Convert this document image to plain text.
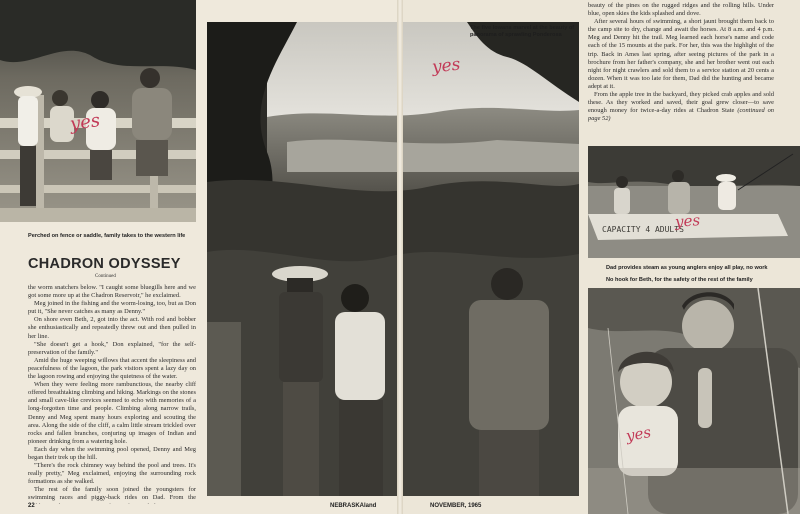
yes
Perched on fence or saddle, family takes to the western life
CHADRON ODYSSEY
Continued

the worm snatchers below. "I caught some bluegills here and we got some more up at the Chadron Reservoir," he exclaimed.

Meg joined in the fishing and the worm-losing, too, but as Don put it, "She never catches as many as Denny."

On shore even Beth, 2, got into the act. With rod and bobber she enthusiastically and repeatedly threw out and then pulled in her line.

"She doesn't get a hook," Don explained, "for the self-preservation of the family."

Amid the huge weeping willows that accent the sleepiness and peacefulness of the lagoon, the park visitors spent a lazy day on the lagoon rowing and enjoying the quietness of the water.

When they were feeling more rambunctious, the nearby cliff offered breathtaking climbing and hiking. Markings on the stones and small cave-like crevices seemed to echo with memories of a long-forgotten time and people. Climbing along narrow trails, Denny and Meg spent many hours exploring and scouting the area. Along the side of the cliff, a calm little stream trickled over rocks and fallen branches, conjuring up images of Indian and pioneer drinking from a watering hole.

Each day when the swimming pool opened, Denny and Meg began their trek up the hill.

"There's the rock chimney way behind the pool and trees. It's really pretty," Meg exclaimed, enjoying the surrounding rock formations as she walked.

The rest of the family soon joined the youngsters for swimming races and piggy-back rides on Dad. From the

22	NEBRASKAland
yes
The five Iowans marvel at the beauty of panorama of sprawling Ponderosa

beauty of the pines on the rugged ridges and the rolling hills. Under blue, open skies the kids splashed and dove.

After several hours of swimming, a short jaunt brought them back to the camp site to dry, change and await the horses. At 8 a.m. and 4 p.m. Meg and Denny hit the trail. Meg learned each horse's name and code each of the 15 mounts at the park. For her, this was the highlight of the trip. Back in Ames last spring, after seeing pictures of the park in a brochure from her father's company, she and her brother went out each night for night crawlers and sold them to a service station at 20 cents a dozen. When it was too late for them, Dad did the hunting and became adept at it.

From the apple tree in the backyard, they picked crab apples and sold these. As they worked and saved, their goal grew closer—to save enough money for twice-a-day rides at Chadron State (continued on page 52)

CAPACITY 4 ADULTS
yes
Dad provides steam as young anglers enjoy all play, no work
No hook for Beth, for the safety of the rest of the family
yes
NOVEMBER, 1965
